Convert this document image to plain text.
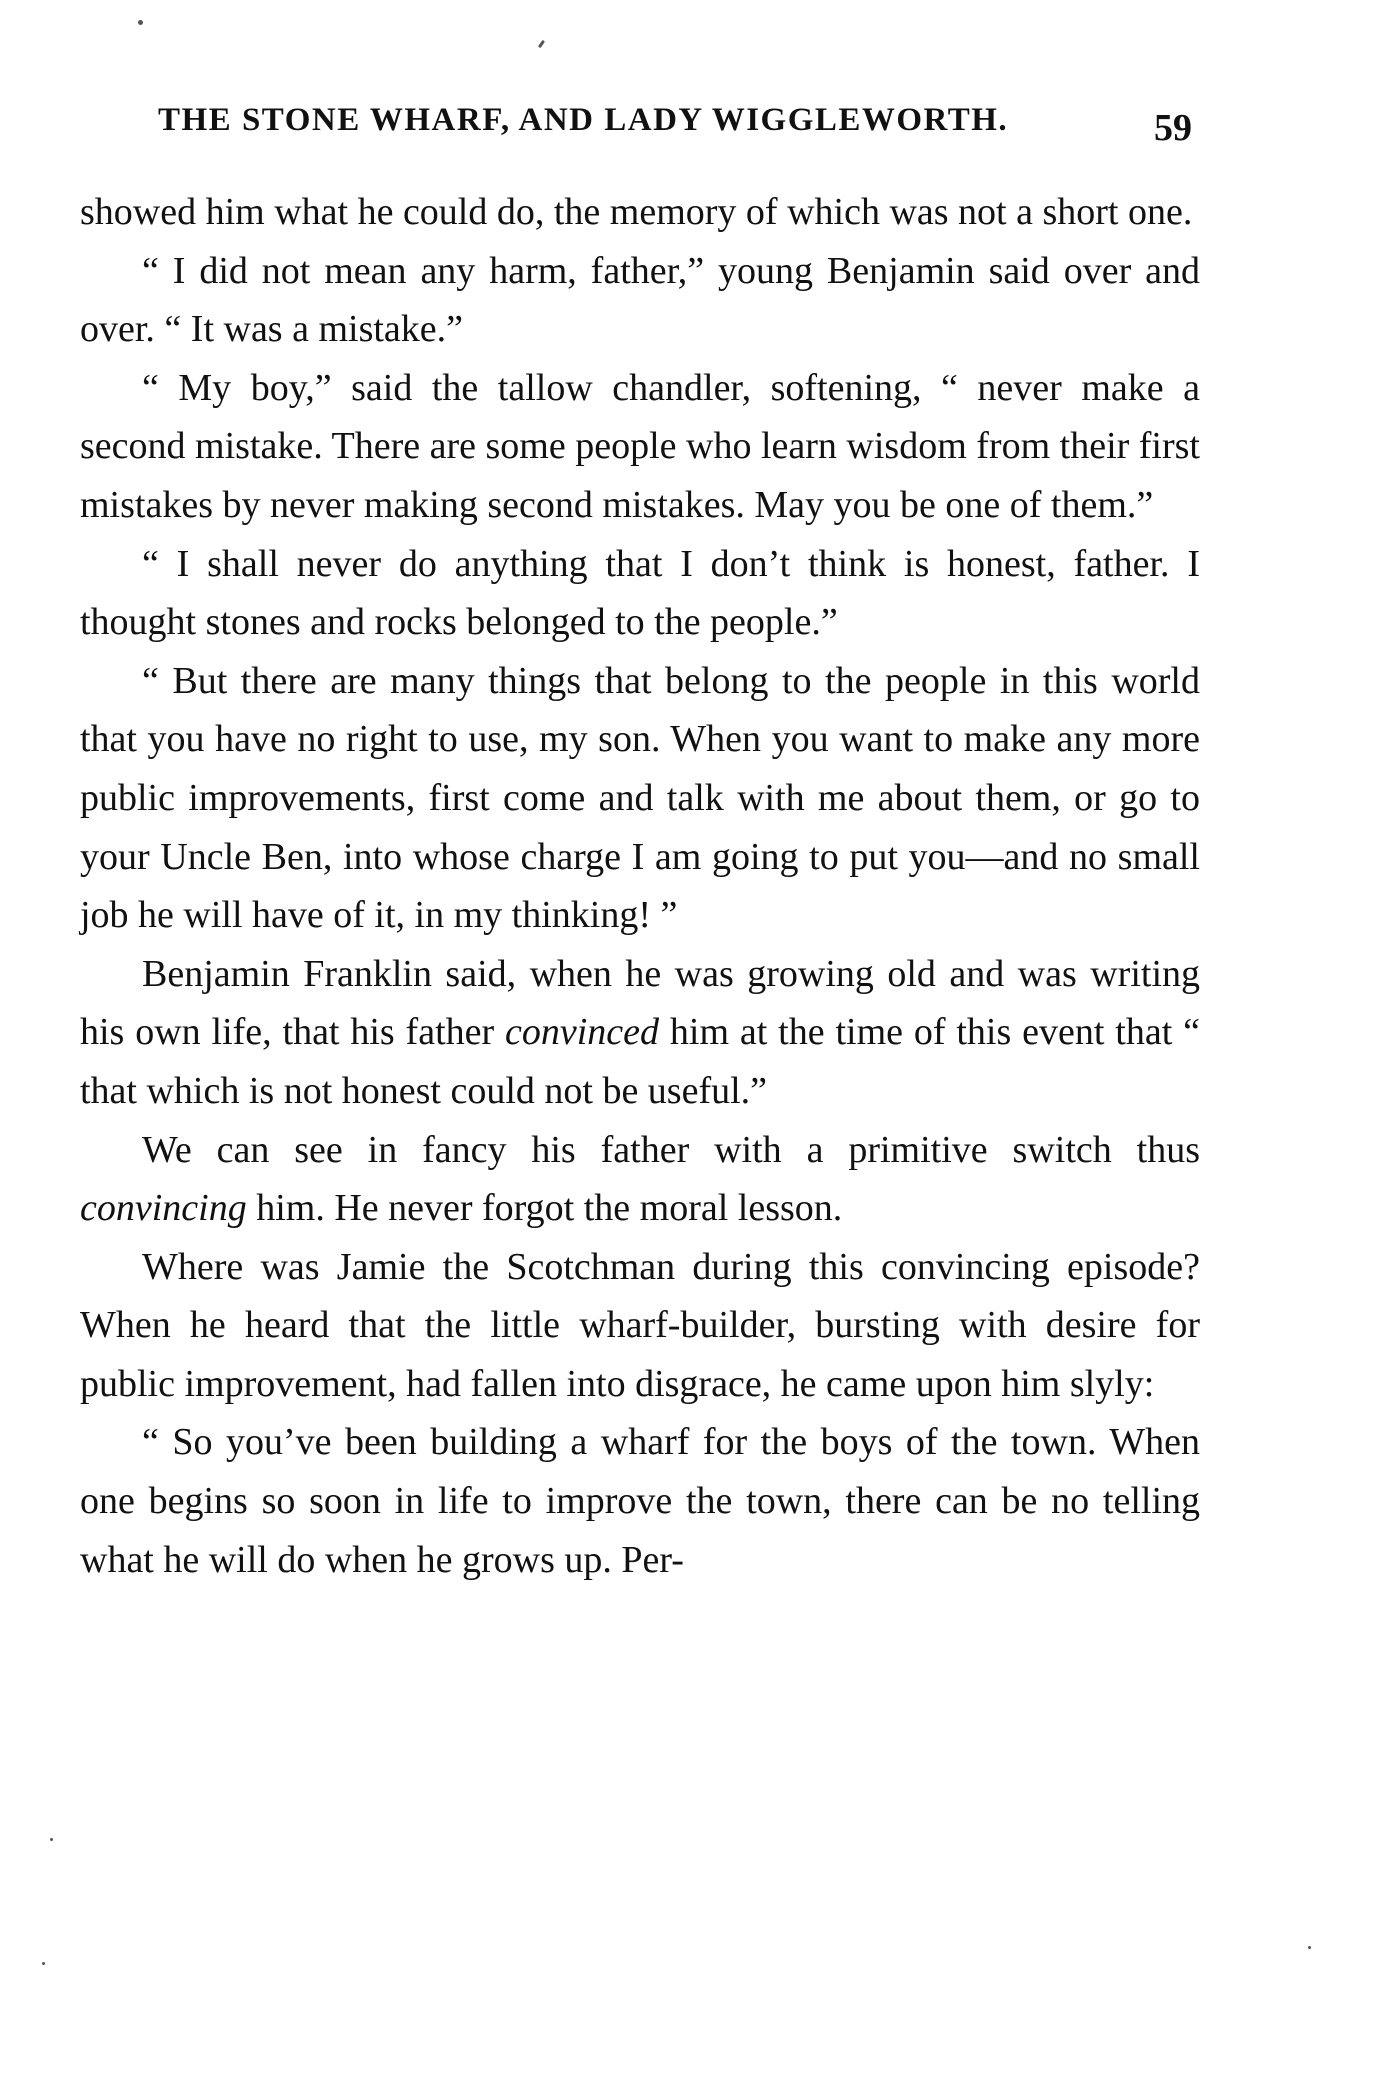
THE STONE WHARF, AND LADY WIGGLEWORTH.	59

showed him what he could do, the memory of which was not a short one.

“ I did not mean any harm, father,” young Benjamin said over and over. “ It was a mistake.”

“ My boy,” said the tallow chandler, softening, “ never make a second mistake. There are some people who learn wisdom from their first mistakes by never making second mistakes. May you be one of them.”

“ I shall never do anything that I don’t think is honest, father. I thought stones and rocks belonged to the people.”

“ But there are many things that belong to the people in this world that you have no right to use, my son. When you want to make any more public improvements, first come and talk with me about them, or go to your Uncle Ben, into whose charge I am going to put you—and no small job he will have of it, in my thinking! ”

Benjamin Franklin said, when he was growing old and was writing his own life, that his father convinced him at the time of this event that “ that which is not honest could not be useful.”

We can see in fancy his father with a primitive switch thus convincing him. He never forgot the moral lesson.

Where was Jamie the Scotchman during this convincing episode? When he heard that the little wharf-builder, bursting with desire for public improvement, had fallen into disgrace, he came upon him slyly:

“ So you’ve been building a wharf for the boys of the town. When one begins so soon in life to improve the town, there can be no telling what he will do when he grows up. Per-
